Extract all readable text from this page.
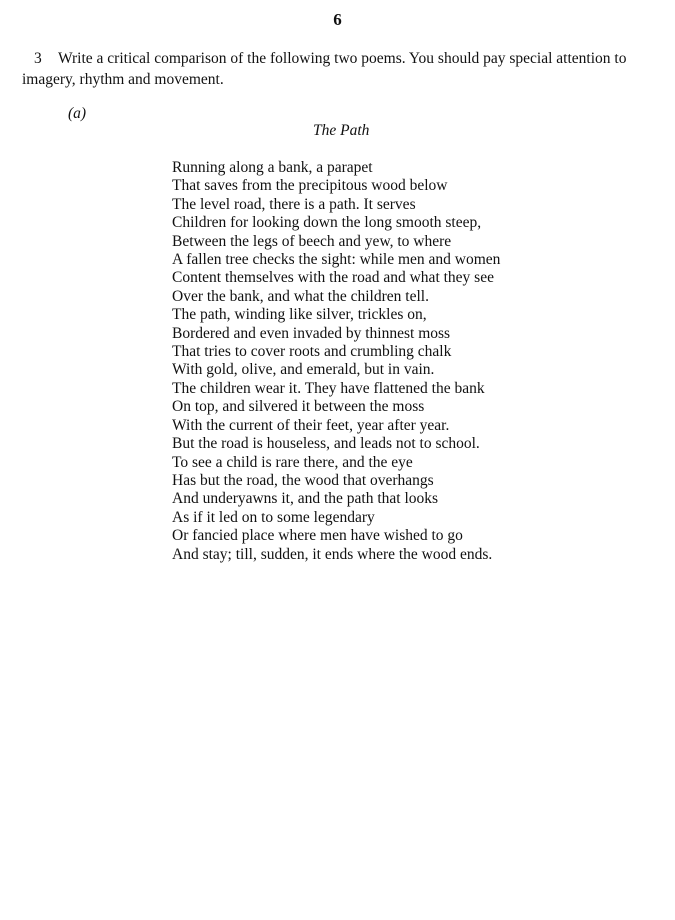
6
3 Write a critical comparison of the following two poems. You should pay special attention to imagery, rhythm and movement.
(a)
The Path
Running along a bank, a parapet
That saves from the precipitous wood below
The level road, there is a path. It serves
Children for looking down the long smooth steep,
Between the legs of beech and yew, to where
A fallen tree checks the sight: while men and women
Content themselves with the road and what they see
Over the bank, and what the children tell.
The path, winding like silver, trickles on,
Bordered and even invaded by thinnest moss
That tries to cover roots and crumbling chalk
With gold, olive, and emerald, but in vain.
The children wear it. They have flattened the bank
On top, and silvered it between the moss
With the current of their feet, year after year.
But the road is houseless, and leads not to school.
To see a child is rare there, and the eye
Has but the road, the wood that overhangs
And underyawns it, and the path that looks
As if it led on to some legendary
Or fancied place where men have wished to go
And stay; till, sudden, it ends where the wood ends.
